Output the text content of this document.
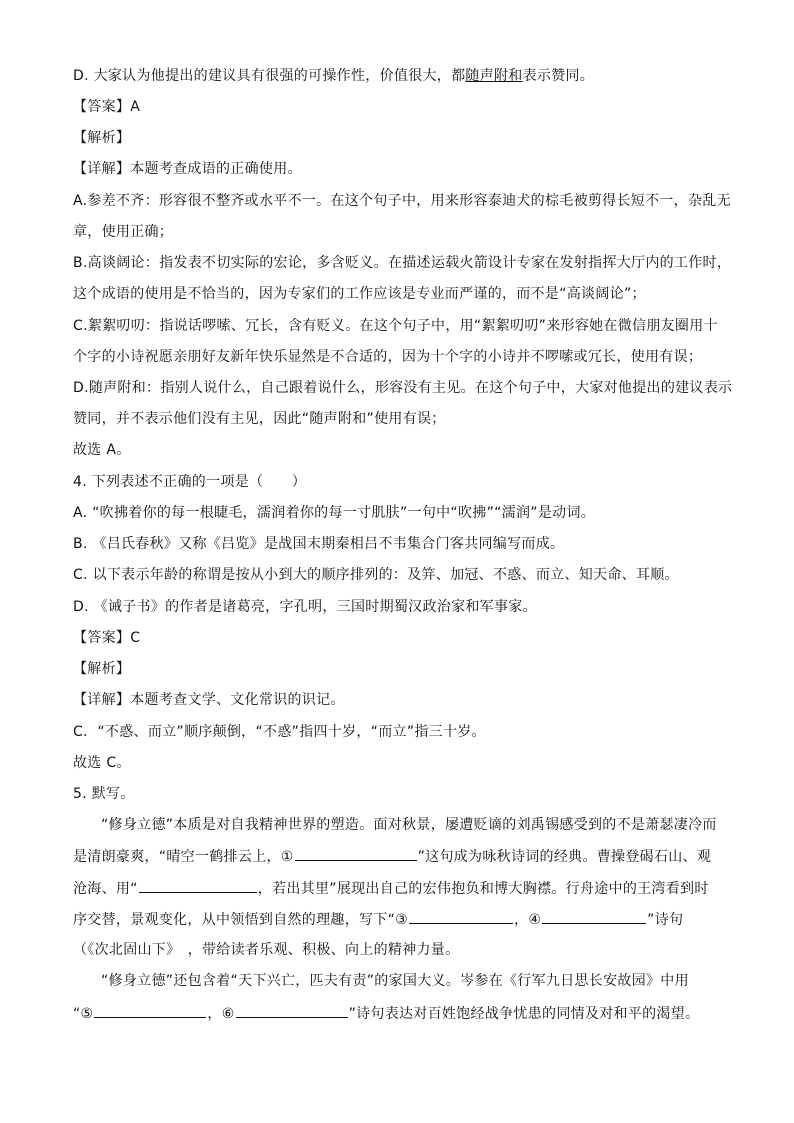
D. 大家认为他提出的建议具有很强的可操作性，价值很大，都随声附和表示赞同。
【答案】A
【解析】
【详解】本题考查成语的正确使用。
A.参差不齐：形容很不整齐或水平不一。在这个句子中，用来形容泰迪犬的棕毛被剪得长短不一，杂乱无
章，使用正确；
B.高谈阔论：指发表不切实际的宏论，多含贬义。在描述运载火箭设计专家在发射指挥大厅内的工作时，
这个成语的使用是不恰当的，因为专家们的工作应该是专业而严谨的，而不是“高谈阔论”；
C.絮絮叨叨：指说话啰嗦、冗长，含有贬义。在这个句子中，用“絮絮叨叨”来形容她在微信朋友圈用十
个字的小诗祝愿亲朋好友新年快乐显然是不合适的，因为十个字的小诗并不啰嗦或冗长，使用有误；
D.随声附和：指别人说什么，自己跟着说什么，形容没有主见。在这个句子中，大家对他提出的建议表示
赞同，并不表示他们没有主见，因此“随声附和”使用有误；
故选 A。
4. 下列表述不正确的一项是（　　）
A. “吹拂着你的每一根睫毛，濡润着你的每一寸肌肤”一句中“吹拂”“濡润”是动词。
B. 《吕氏春秋》又称《吕览》是战国末期秦相吕不韦集合门客共同编写而成。
C. 以下表示年龄的称谓是按从小到大的顺序排列的：及笄、加冠、不惑、而立、知天命、耳顺。
D. 《诫子书》的作者是诸葛亮，字孔明，三国时期蜀汉政治家和军事家。
【答案】C
【解析】
【详解】本题考查文学、文化常识的识记。
C．“不惑、而立”顺序颠倒，“不惑”指四十岁，“而立”指三十岁。
故选 C。
5. 默写。
“修身立德”本质是对自我精神世界的塑造。面对秋景，屡遭贬谪的刘禹锡感受到的不是萧瑟凄冷而
是清朗豪爽，“晴空一鹤排云上，①	”这句成为咏秋诗词的经典。曹操登碣石山、观
沧海、用“	，若出其里”展现出自己的宏伟抱负和博大胸襟。行舟途中的王湾看到时
序交替，景观变化，从中领悟到自然的理趣，写下“③	，④	”诗句
（《次北固山下》　，带给读者乐观、积极、向上的精神力量。
“修身立德”还包含着“天下兴亡，匹夫有责”的家国大义。岑参在《行军九日思长安故园》中用
“⑤	，⑥	”诗句表达对百姓饱经战争忧患的同情及对和平的渴望。
